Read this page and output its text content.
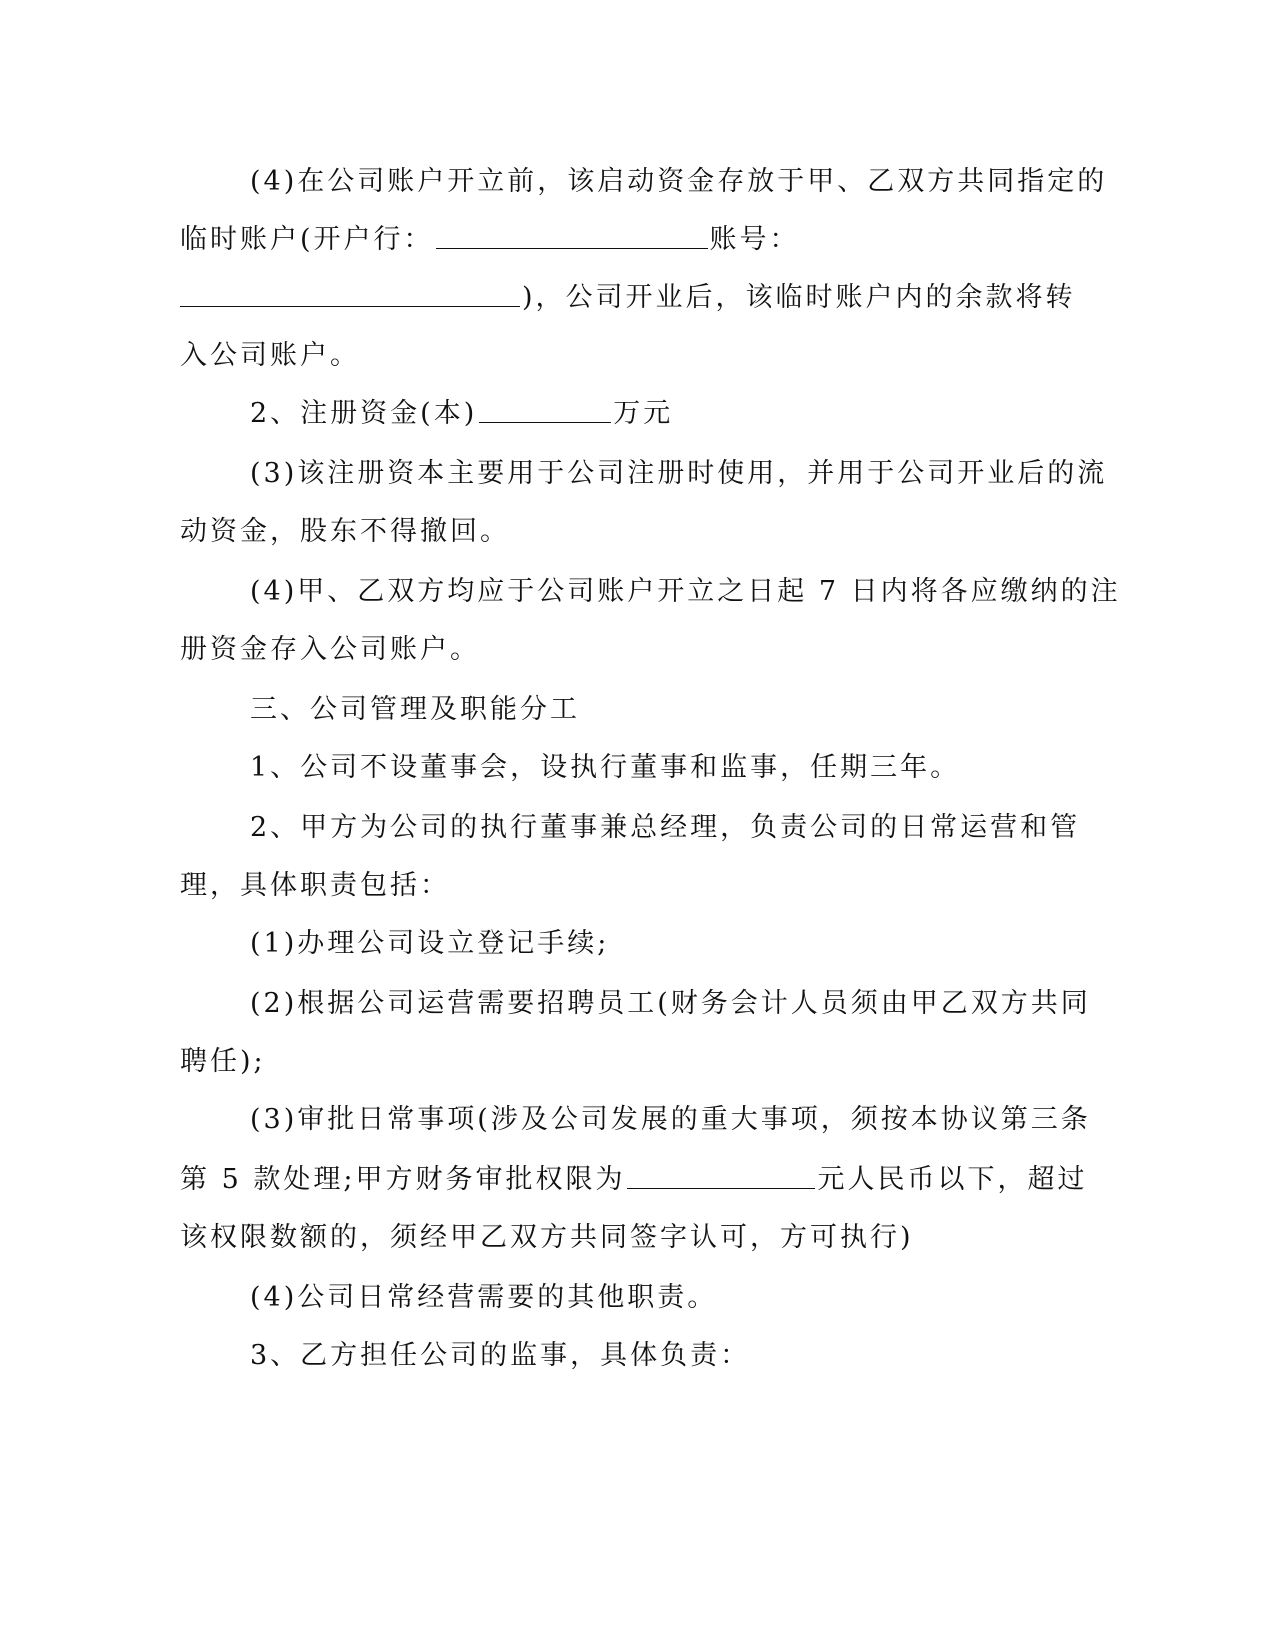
(4)在公司账户开立前，该启动资金存放于甲、乙双方共同指定的
临时账户(开户行：	账号：
)，公司开业后，该临时账户内的余款将转
入公司账户。
2、注册资金(本)	万元
(3)该注册资本主要用于公司注册时使用，并用于公司开业后的流
动资金，股东不得撤回。
(4)甲、乙双方均应于公司账户开立之日起 7 日内将各应缴纳的注
册资金存入公司账户。
三、公司管理及职能分工
1、公司不设董事会，设执行董事和监事，任期三年。
2、甲方为公司的执行董事兼总经理，负责公司的日常运营和管
理，具体职责包括：
(1)办理公司设立登记手续;
(2)根据公司运营需要招聘员工(财务会计人员须由甲乙双方共同
聘任);
(3)审批日常事项(涉及公司发展的重大事项，须按本协议第三条
第 5 款处理;甲方财务审批权限为	元人民币以下，超过
该权限数额的，须经甲乙双方共同签字认可，方可执行)
(4)公司日常经营需要的其他职责。
3、乙方担任公司的监事，具体负责：
